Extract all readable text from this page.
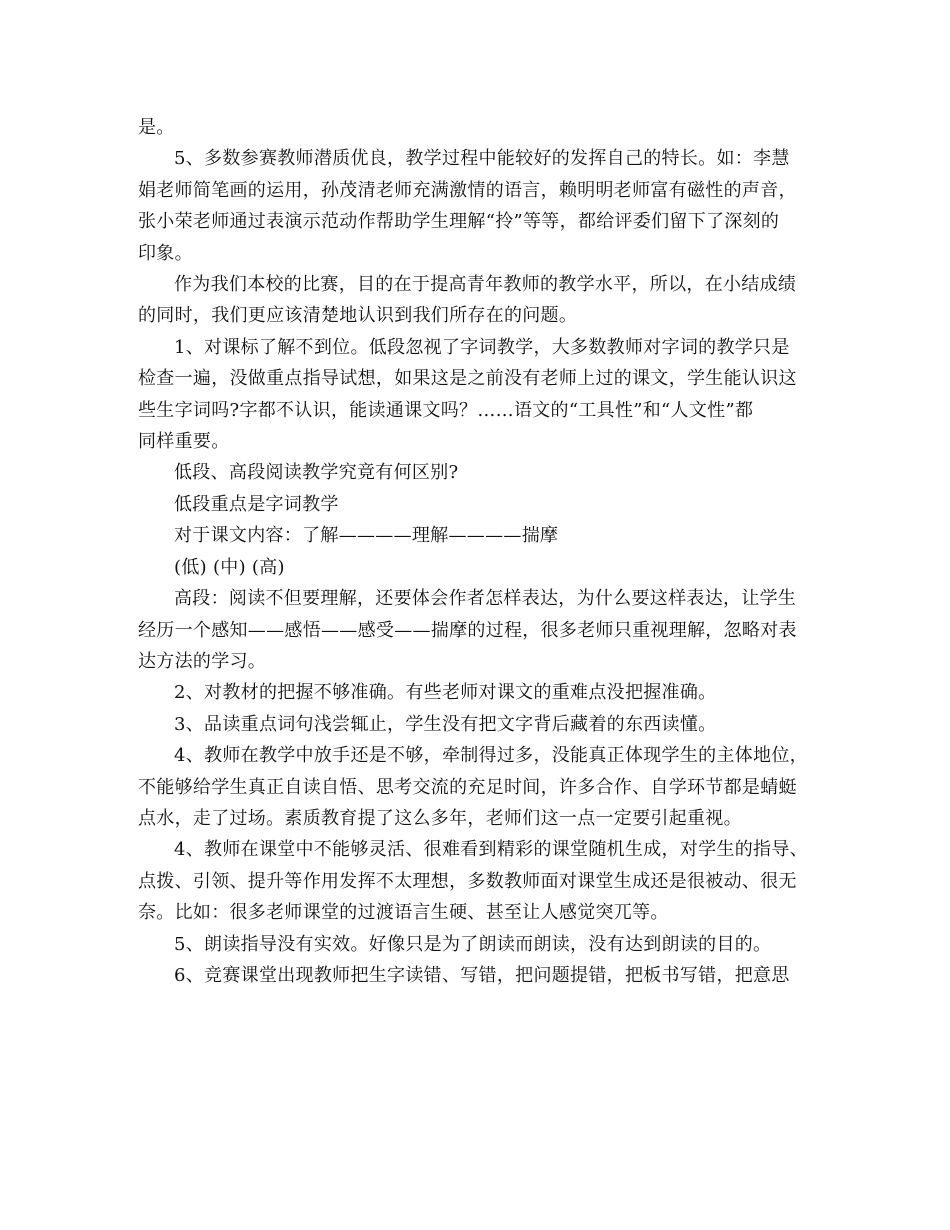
是。

5、多数参赛教师潜质优良，教学过程中能较好的发挥自己的特长。如：李慧

娟老师简笔画的运用，孙茂清老师充满激情的语言，赖明明老师富有磁性的声音，

张小荣老师通过表演示范动作帮助学生理解“拎”等等，都给评委们留下了深刻的

印象。

作为我们本校的比赛，目的在于提高青年教师的教学水平，所以，在小结成绩

的同时，我们更应该清楚地认识到我们所存在的问题。

1、对课标了解不到位。低段忽视了字词教学，大多数教师对字词的教学只是

检查一遍，没做重点指导试想，如果这是之前没有老师上过的课文，学生能认识这

些生字词吗?字都不认识，能读通课文吗？……语文的“工具性”和“人文性”都

同样重要。

低段、高段阅读教学究竟有何区别?

低段重点是字词教学

对于课文内容：了解————理解————揣摩

(低) (中) (高)

高段：阅读不但要理解，还要体会作者怎样表达，为什么要这样表达，让学生

经历一个感知——感悟——感受——揣摩的过程，很多老师只重视理解，忽略对表

达方法的学习。

2、对教材的把握不够准确。有些老师对课文的重难点没把握准确。

3、品读重点词句浅尝辄止，学生没有把文字背后藏着的东西读懂。

4、教师在教学中放手还是不够，牵制得过多，没能真正体现学生的主体地位，

不能够给学生真正自读自悟、思考交流的充足时间，许多合作、自学环节都是蜻蜓

点水，走了过场。素质教育提了这么多年，老师们这一点一定要引起重视。

4、教师在课堂中不能够灵活、很难看到精彩的课堂随机生成，对学生的指导、

点拨、引领、提升等作用发挥不太理想，多数教师面对课堂生成还是很被动、很无

奈。比如：很多老师课堂的过渡语言生硬、甚至让人感觉突兀等。

5、朗读指导没有实效。好像只是为了朗读而朗读，没有达到朗读的目的。

6、竞赛课堂出现教师把生字读错、写错，把问题提错，把板书写错，把意思
